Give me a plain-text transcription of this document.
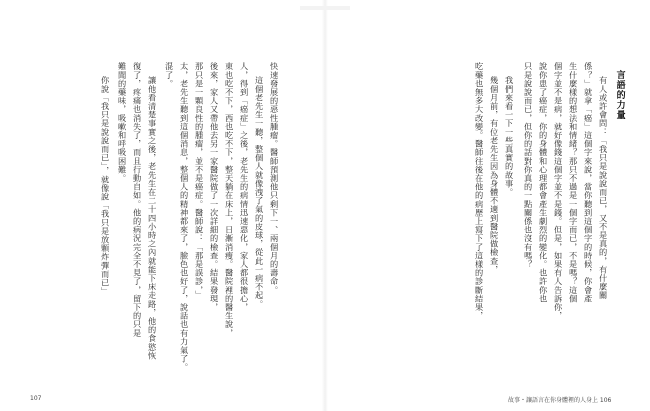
言語的力量
有人或許會問：「我只是說說而已，又不是真的，有什麼關
係？」就拿「癌」這個字來說，當你聽到這個字的時候，你會產
生什麼樣的想法和情緒？那只不過是一個字而已，不是嗎？這個
個字並不是病，就好像錢這個字並不是錢。但是，如果有人告訴你，
說你患了癌症，你的身體和心理都會產生劇烈的變化。也許你也
只是說說而已，但你的話對你真的一點關係也沒有嗎？
我們來看一下一些真實的故事。
幾個月前，有位老先生因為身體不適到醫院做檢查，
吃藥也無多大改變。醫師往後在他的病歷上寫下了這樣的診斷結果，
故事・讓語言在你身體裡的人身上 106
快速發展的惡性腫瘤。醫師預測他只剩下一、兩個月的壽命。
這個老先生一聽，整個人就像洩了氣的皮球，從此一病不起。
人，得到「癌症」之後，老先生的病情迅速惡化，家人都很擔心，
東也吃不下，西也吃不下，整天躺在床上，日漸消瘦。醫院裡的醫生說，
後來，家人又帶他去另一家醫院做了一次詳細的檢查。結果發現，
那只是一顆良性的腫瘤，並不是癌症。醫師說：「那是誤診，」
太，老先生聽到這個消息，整個人的精神都來了，臉色也好了，說話也有力氣了。
混了。
讓他看清楚事實之後，老先生在二十四小時之內就能下床走路，他的食慾恢
復了，疼痛也消失了，而且行動自如。他的病況完全不見了，留下的只是
難聞的藥味，吸嗽和呼吸困難。
你說「我只是說說而已」，就像說「我只是放顆炸彈而已」
107
